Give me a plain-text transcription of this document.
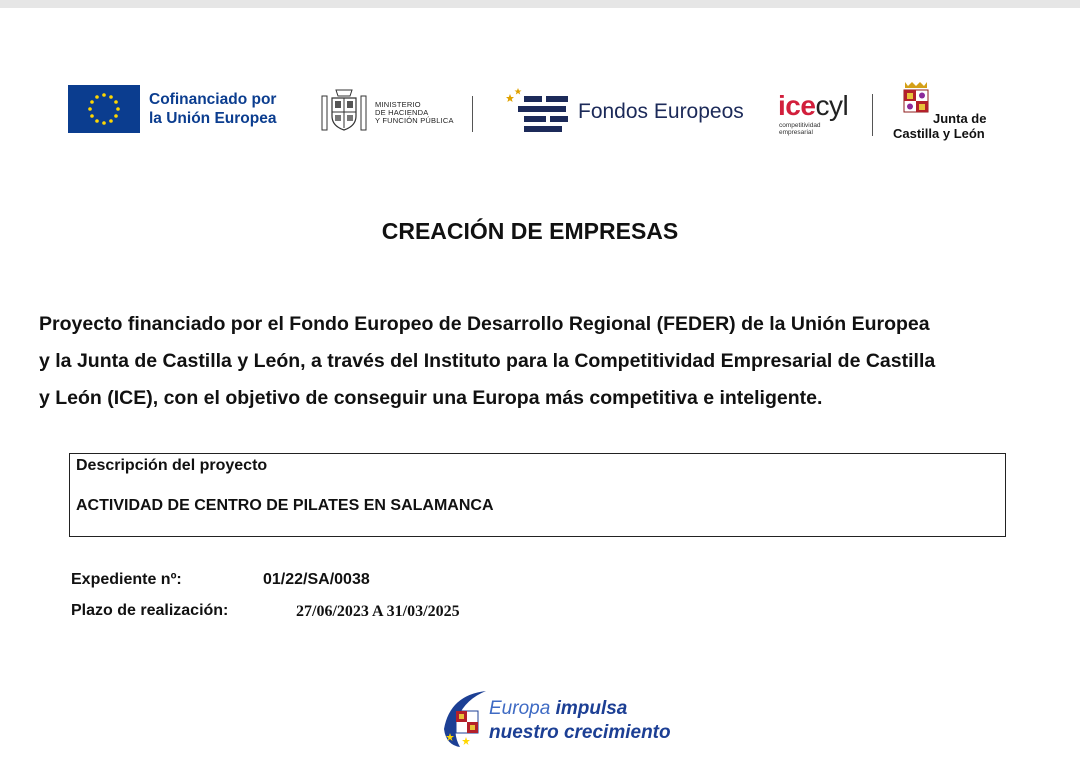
Cofinanciado por
la Unión Europea
MINISTERIO
DE HACIENDA
Y FUNCIÓN PÚBLICA	Fondos Europeos icecyl
competitividad
empresarial
Junta de
Castilla y León
CREACIÓN DE EMPRESAS
Proyecto financiado por el Fondo Europeo de Desarrollo Regional (FEDER) de la Unión Europea
y la Junta de Castilla y León, a través del Instituto para la Competitividad Empresarial de Castilla
y León (ICE), con el objetivo de conseguir una Europa más competitiva e inteligente.
Descripción del proyecto
ACTIVIDAD DE CENTRO DE PILATES EN SALAMANCA
Expediente nº:	01/22/SA/0038
Plazo de realización:	27/06/2023 A 31/03/2025
Europa impulsa
nuestro crecimiento
